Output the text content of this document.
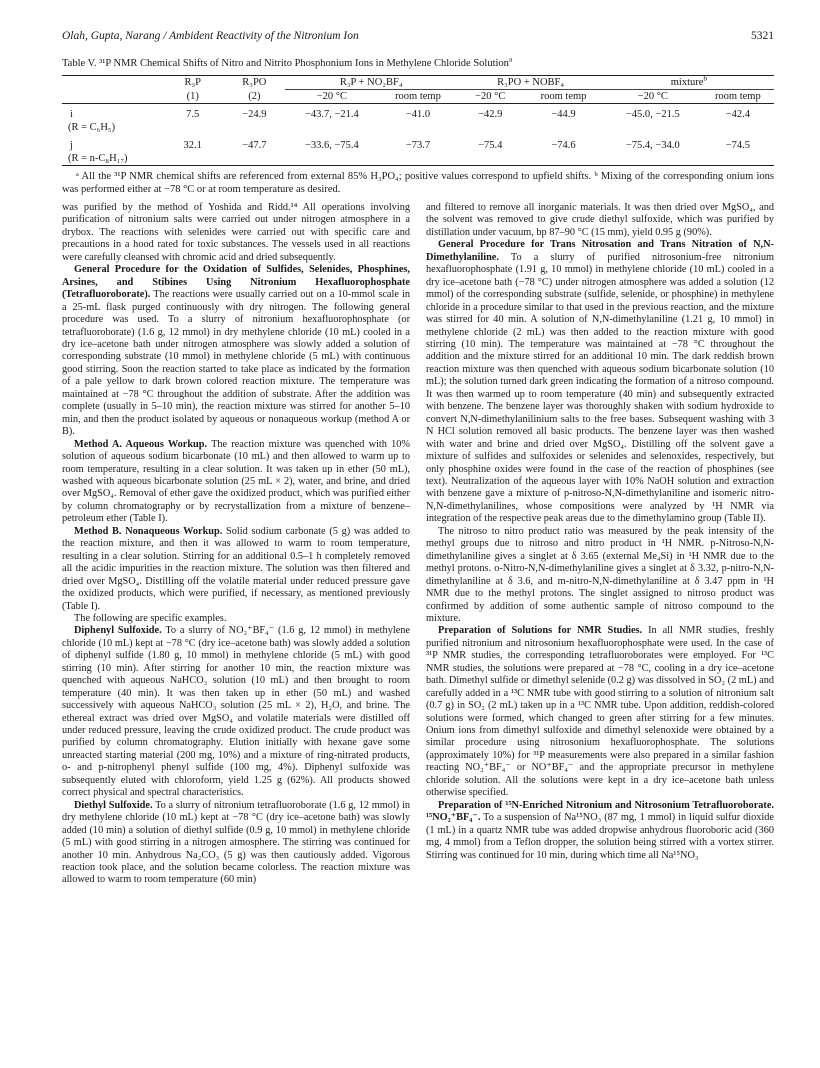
Olah, Gupta, Narang / Ambident Reactivity of the Nitronium Ion	5321
Table V. ³¹P NMR Chemical Shifts of Nitro and Nitrito Phosphonium Ions in Methylene Chloride Solution$^a$
	R₃P	R₃PO	R₃P + NO₂BF₄		R₃PO + NOBF₄		mixture$^b$
	(1)	(2)	−20 °C	room temp	−20 °C	room temp	−20 °C	room temp
i	7.5	−24.9	−43.7, −21.4	−41.0	−42.9	−44.9	−45.0, −21.5	−42.4
(R = C₆H₅)								
j	32.1	−47.7	−33.6, −75.4	−73.7	−75.4	−74.6	−75.4, −34.0	−74.5
(R = n-C₈H₁₇)								
ᵃ All the ³¹P NMR chemical shifts are referenced from external 85% H₃PO₄; positive values correspond to upfield shifts. ᵇ Mixing of the corresponding onium ions was performed either at −78 °C or at room temperature as desired.

was purified by the method of Yoshida and Ridd.¹⁴ All operations involving purification of nitronium salts were carried out under nitrogen atmosphere in a drybox. The reactions with selenides were carried out with specific care and precautions in a hood rated for toxic substances. The vessels used in all reactions were carefully cleansed with chromic acid and dried subsequently.

General Procedure for the Oxidation of Sulfides, Selenides, Phosphines, Arsines, and Stibines Using Nitronium Hexafluorophosphate (Tetrafluoroborate). The reactions were usually carried out on a 10-mmol scale in a 25-mL flask purged continuously with dry nitrogen. The following general procedure was used. To a slurry of nitronium hexafluorophosphate (or tetrafluoroborate) (1.6 g, 12 mmol) in dry methylene chloride (10 mL) cooled in a dry ice–acetone bath under nitrogen atmosphere was slowly added a solution of corresponding substrate (10 mmol) in methylene chloride (5 mL) with continuous good stirring. Soon the reaction started to take place as indicated by the formation of a pale yellow to dark brown colored reaction mixture. The temperature was maintained at −78 °C throughout the addition of substrate. After the addition was complete (usually in 5–10 min), the reaction mixture was stirred for another 5–10 min, and then the product isolated by aqueous or nonaqueous workup (method A or B).

Method A. Aqueous Workup. The reaction mixture was quenched with 10% solution of aqueous sodium bicarbonate (10 mL) and then allowed to warm up to room temperature, resulting in a clear solution. It was taken up in ether (50 mL), washed with aqueous bicarbonate solution (25 mL × 2), water, and brine, and dried over MgSO₄. Removal of ether gave the oxidized product, which was purified either by column chromatography or by recrystallization from a mixture of benzene–petroleum ether (Table I).

Method B. Nonaqueous Workup. Solid sodium carbonate (5 g) was added to the reaction mixture, and then it was allowed to warm to room temperature, resulting in a clear solution. Stirring for an additional 0.5–1 h completely removed all the acidic impurities in the reaction mixture. The solution was then filtered and dried over MgSO₄. Distilling off the volatile material under reduced pressure gave the oxidized products, which were purified, if necessary, as mentioned previously (Table I).

The following are specific examples.

Diphenyl Sulfoxide. To a slurry of NO₂⁺BF₄⁻ (1.6 g, 12 mmol) in methylene chloride (10 mL) kept at −78 °C (dry ice–acetone bath) was slowly added a solution of diphenyl sulfide (1.80 g, 10 mmol) in methylene chloride (5 mL) with good stirring (10 min). After stirring for another 10 min, the reaction mixture was quenched with aqueous NaHCO₃ solution (10 mL) and then brought to room temperature (40 min). It was then taken up in ether (50 mL) and washed successively with aqueous NaHCO₃ solution (25 mL × 2), H₂O, and brine. The ethereal extract was dried over MgSO₄ and volatile materials were distilled off under reduced pressure, leaving the crude oxidized product. The crude product was purified by column chromatography. Elution initially with hexane gave some unreacted starting material (200 mg, 10%) and a mixture of ring-nitrated products, o- and p-nitrophenyl phenyl sulfide (100 mg, 4%). Diphenyl sulfoxide was subsequently eluted with chloroform, yield 1.25 g (62%). All products showed correct physical and spectral characteristics.

Diethyl Sulfoxide. To a slurry of nitronium tetrafluoroborate (1.6 g, 12 mmol) in dry methylene chloride (10 mL) kept at −78 °C (dry ice–acetone bath) was slowly added (10 min) a solution of diethyl sulfide (0.9 g, 10 mmol) in methylene chloride (5 mL) with good stirring in a nitrogen atmosphere. The stirring was continued for another 10 min. Anhydrous Na₂CO₃ (5 g) was then cautiously added. Vigorous reaction took place, and the solution became colorless. The reaction mixture was allowed to warm to room temperature (60 min)

and filtered to remove all inorganic materials. It was then dried over MgSO₄, and the solvent was removed to give crude diethyl sulfoxide, which was purified by distillation under vacuum, bp 87–90 °C (15 mm), yield 0.95 g (90%).

General Procedure for Trans Nitrosation and Trans Nitration of N,N-Dimethylaniline. To a slurry of purified nitrosonium-free nitronium hexafluorophosphate (1.91 g, 10 mmol) in methylene chloride (10 mL) cooled in a dry ice–acetone bath (−78 °C) under nitrogen atmosphere was added a solution (12 mmol) of the corresponding substrate (sulfide, selenide, or phosphine) in methylene chloride in a procedure similar to that used in the previous reaction, and the mixture was stirred for 40 min. A solution of N,N-dimethylaniline (1.21 g, 10 mmol) in methylene chloride (2 mL) was then added to the reaction mixture with good stirring (10 min). The temperature was maintained at −78 °C throughout the addition and the mixture stirred for an additional 10 min. The dark reddish brown reaction mixture was then quenched with aqueous sodium bicarbonate solution (10 mL); the solution turned dark green indicating the formation of a nitroso compound. It was then warmed up to room temperature (40 min) and subsequently extracted with benzene. The benzene layer was thoroughly shaken with sodium hydroxide to convert N,N-dimethylanilinium salts to the free bases. Subsequent washing with 3 N HCl solution removed all basic products. The benzene layer was then washed with water and brine and dried over MgSO₄. Distilling off the solvent gave a mixture of sulfides and sulfoxides or selenides and selenoxides, respectively, but only phosphine oxides were found in the case of the reaction of phosphines (see text). Neutralization of the aqueous layer with 10% NaOH solution and extraction with benzene gave a mixture of p-nitroso-N,N-dimethylaniline and isomeric nitro-N,N-dimethylanilines, whose compositions were analyzed by ¹H NMR via integration of the respective peak areas due to the dimethylamino group (Table II).

The nitroso to nitro product ratio was measured by the peak intensity of the methyl groups due to nitroso and nitro product in ¹H NMR. p-Nitroso-N,N-dimethylaniline gives a singlet at δ 3.65 (external Me₄Si) in ¹H NMR due to the methyl protons. o-Nitro-N,N-dimethylaniline gives a singlet at δ 3.32, p-nitro-N,N-dimethylaniline at δ 3.6, and m-nitro-N,N-dimethylaniline at δ 3.47 ppm in ¹H NMR due to the methyl protons. The singlet assigned to nitroso product was confirmed by addition of some authentic sample of nitroso compound to the mixture.

Preparation of Solutions for NMR Studies. In all NMR studies, freshly purified nitronium and nitrosonium hexafluorophosphate were used. In the case of ³¹P NMR studies, the corresponding tetrafluoroborates were employed. For ¹³C NMR studies, the solutions were prepared at −78 °C, cooling in a dry ice–acetone bath. Dimethyl sulfide or dimethyl selenide (0.2 g) was dissolved in SO₂ (2 mL) and carefully added in a ¹³C NMR tube with good stirring to a solution of nitronium salt (0.7 g) in SO₂ (2 mL) taken up in a ¹³C NMR tube. Upon addition, reddish-colored solutions were formed, which changed to green after stirring for a few minutes. Onium ions from dimethyl sulfoxide and dimethyl selenoxide were obtained by a similar procedure using nitrosonium hexafluorophosphate. The solutions (approximately 10%) for ³¹P measurements were also prepared in a similar fashion reacting NO₂⁺BF₄⁻ or NO⁺BF₄⁻ and the appropriate precursor in methylene chloride solution. All the solutions were kept in a dry ice–acetone bath unless otherwise specified.

Preparation of ¹⁵N-Enriched Nitronium and Nitrosonium Tetrafluoroborate. ¹⁵NO₂⁺BF₄⁻. To a suspension of Na¹⁵NO₃ (87 mg, 1 mmol) in liquid sulfur dioxide (1 mL) in a quartz NMR tube was added dropwise anhydrous fluoroboric acid (360 mg, 4 mmol) from a Teflon dropper, the solution being stirred with a vortex stirrer. Stirring was continued for 10 min, during which time all Na¹⁵NO₃
